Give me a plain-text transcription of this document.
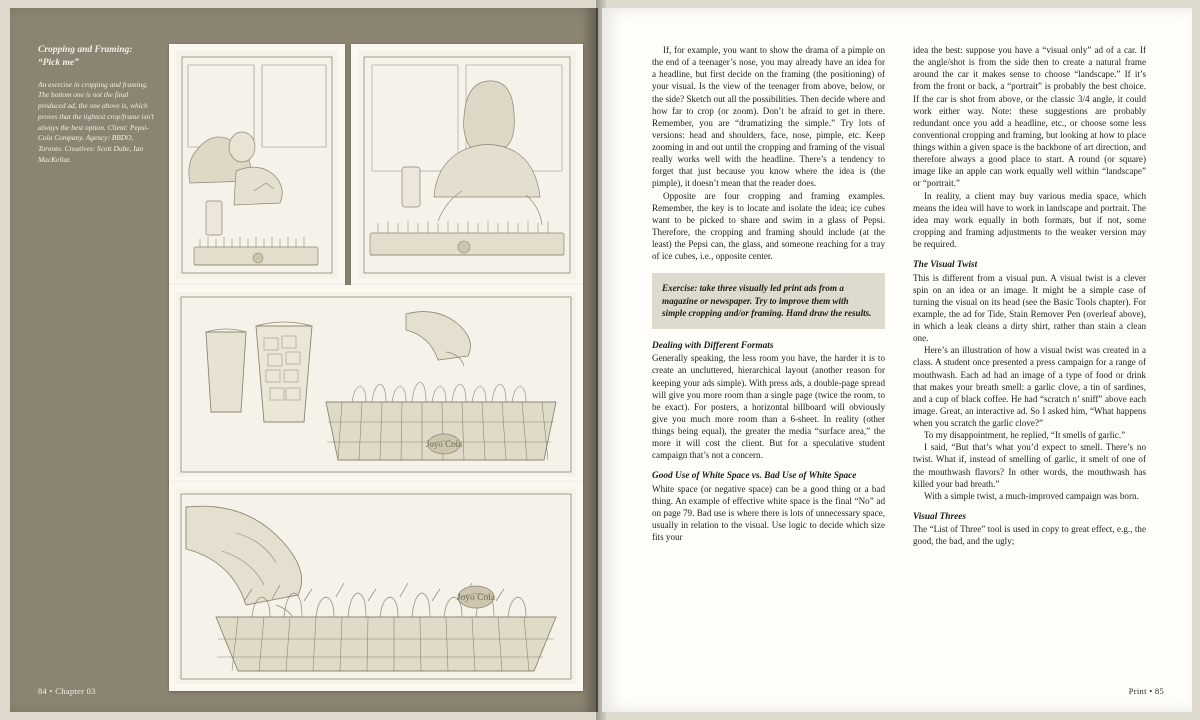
Cropping and Framing: “Pick me”
An exercise in cropping and framing. The bottom one is not the final produced ad, the one above is, which proves that the tightest crop/frame isn’t always the best option. Client: Pepsi-Cola Company. Agency: BBDO, Toronto. Creatives: Scott Dube, Ian MacKellar.
Joyo Cola
Joyo Cola
84 • Chapter 03

If, for example, you want to show the drama of a pimple on the end of a teenager’s nose, you may already have an idea for a headline, but first decide on the framing (the positioning) of your visual. Is the view of the teenager from above, below, or the side? Sketch out all the possibilities. Then decide where and how far to crop (or zoom). Don’t be afraid to get in there. Remember, you are “dramatizing the simple.” Try lots of versions: head and shoulders, face, nose, pimple, etc. Keep zooming in and out until the cropping and framing of the visual really works well with the headline. There’s a tendency to forget that just because you know where the idea is (the pimple), it doesn’t mean that the reader does.

Opposite are four cropping and framing examples. Remember, the key is to locate and isolate the idea; ice cubes want to be picked to share and swim in a glass of Pepsi. Therefore, the cropping and framing should include (at the least) the Pepsi can, the glass, and someone reaching for a tray of ice cubes, i.e., opposite center.

Exercise: take three visually led print ads from a magazine or newspaper. Try to improve them with simple cropping and/or framing. Hand draw the results.
Dealing with Different Formats

Generally speaking, the less room you have, the harder it is to create an uncluttered, hierarchical layout (another reason for keeping your ads simple). With press ads, a double-page spread will give you more room than a single page (twice the room, to be exact). For posters, a horizontal billboard will obviously give you much more room than a 6-sheet. In reality (other things being equal), the greater the media “surface area,” the more it will cost the client. But for a speculative student campaign that’s not a concern.

Good Use of White Space vs. Bad Use of White Space

White space (or negative space) can be a good thing or a bad thing. An example of effective white space is the final “No” ad on page 79. Bad use is where there is lots of unnecessary space, usually in relation to the visual. Use logic to decide which size fits your

idea the best: suppose you have a “visual only” ad of a car. If the angle/shot is from the side then to create a natural frame around the car it makes sense to choose “landscape.” If it’s from the front or back, a “portrait” is probably the best choice. If the car is shot from above, or the classic 3/4 angle, it could work either way. Note: these suggestions are probably redundant once you add a headline, etc., or choose some less conventional cropping and framing, but looking at how to place things within a given space is the backbone of art direction, and therefore always a good place to start. A round (or square) image like an apple can work equally well within “landscape” or “portrait.”

In reality, a client may buy various media space, which means the idea will have to work in landscape and portrait. The idea may work equally in both formats, but if not, some cropping and framing adjustments to the weaker version may be required.

The Visual Twist

This is different from a visual pun. A visual twist is a clever spin on an idea or an image. It might be a simple case of turning the visual on its head (see the Basic Tools chapter). For example, the ad for Tide, Stain Remover Pen (overleaf above), in which a leak cleans a dirty shirt, rather than stain a clean one.

Here’s an illustration of how a visual twist was created in a class. A student once presented a press campaign for a range of mouthwash. Each ad had an image of a type of food or drink that makes your breath smell: a garlic clove, a tin of sardines, and a cup of black coffee. He had “scratch n’ sniff” above each image. Great, an interactive ad. So I asked him, “What happens when you scratch the garlic clove?”

To my disappointment, he replied, “It smells of garlic.”

I said, “But that’s what you’d expect to smell. There’s no twist. What if, instead of smelling of garlic, it smelt of one of the mouthwash flavors? In other words, the mouthwash has killed your bad breath.”

With a simple twist, a much-improved campaign was born.

Visual Threes

The “List of Three” tool is used in copy to great effect, e.g., the good, the bad, and the ugly;

Print • 85
